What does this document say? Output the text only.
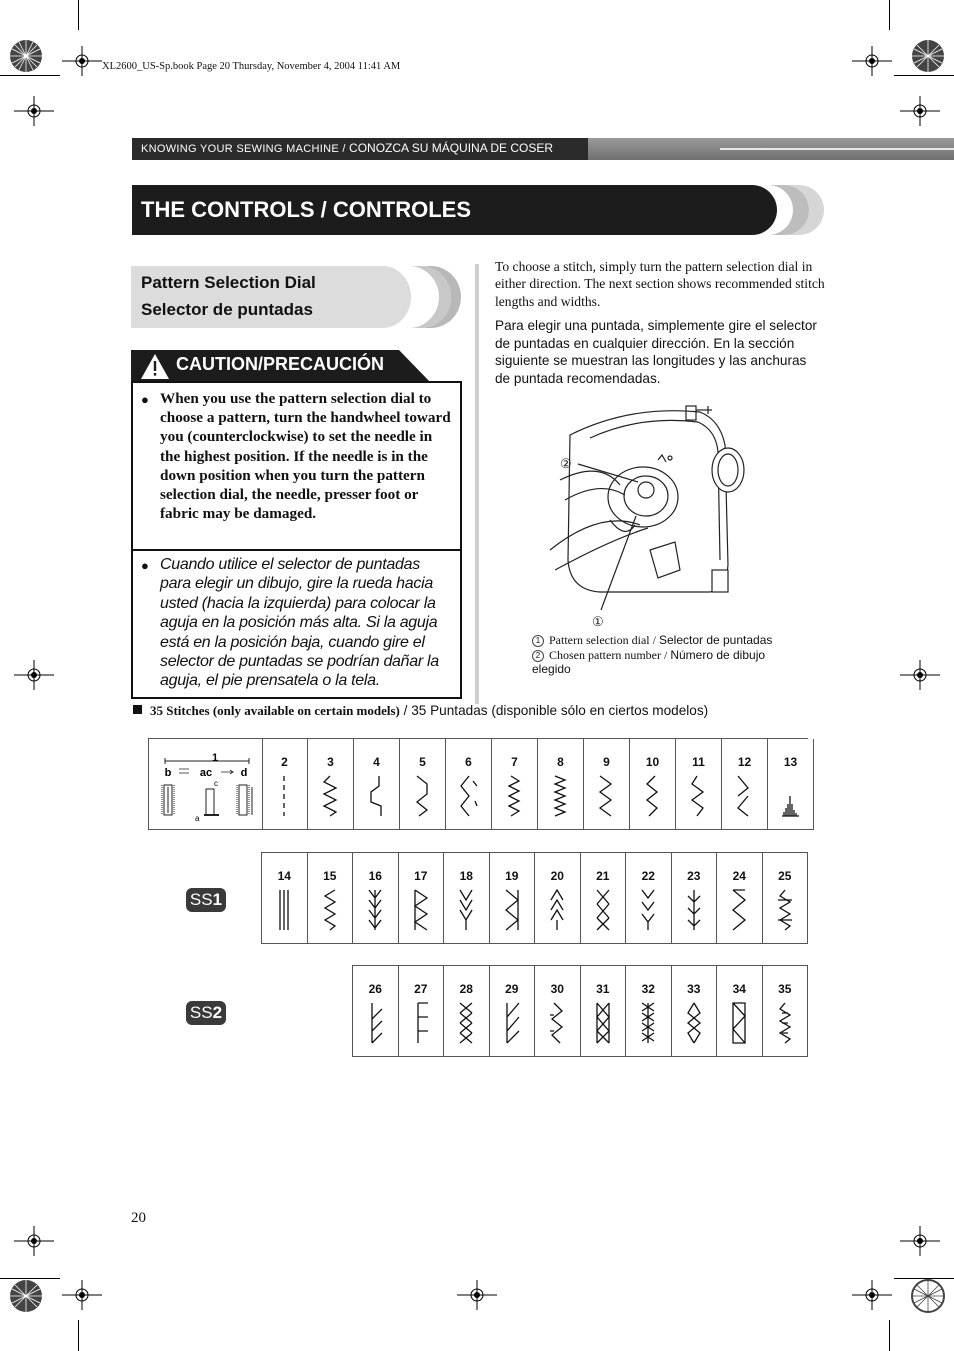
XL2600_US-Sp.book Page 20 Thursday, November 4, 2004 11:41 AM
KNOWING YOUR SEWING MACHINE / CONOZCA SU MÁQUINA DE COSER
THE CONTROLS / CONTROLES
Pattern Selection Dial
Selector de puntadas
CAUTION/PRECAUCIÓN
● When you use the pattern selection dial to choose a pattern, turn the handwheel toward you (counterclockwise) to set the needle in the highest position. If the needle is in the down position when you turn the pattern selection dial, the needle, presser foot or fabric may be damaged.
● Cuando utilice el selector de puntadas para elegir un dibujo, gire la rueda hacia usted (hacia la izquierda) para colocar la aguja en la posición más alta. Si la aguja está en la posición baja, cuando gire el selector de puntadas se podrían dañar la aguja, el pie prensatela o la tela.
To choose a stitch, simply turn the pattern selection dial in either direction. The next section shows recommended stitch lengths and widths.
Para elegir una puntada, simplemente gire el selector de puntadas en cualquier dirección. En la sección siguiente se muestran las longitudes y las anchuras de puntada recomendadas.
②
①
1 Pattern selection dial / Selector de puntadas
2 Chosen pattern number / Número de dibujo elegido
35 Stitches (only available on certain models) / 35 Puntadas (disponible sólo en ciertos modelos)
1
b	ac	d
c
a
2	3	4	5	6	7	8	9	10	11	12	13
14	15	16	17	18	19	20	21	22	23	24	25
26	27	28	29	30	31	32	33	34	35
SS1
SS2
20
